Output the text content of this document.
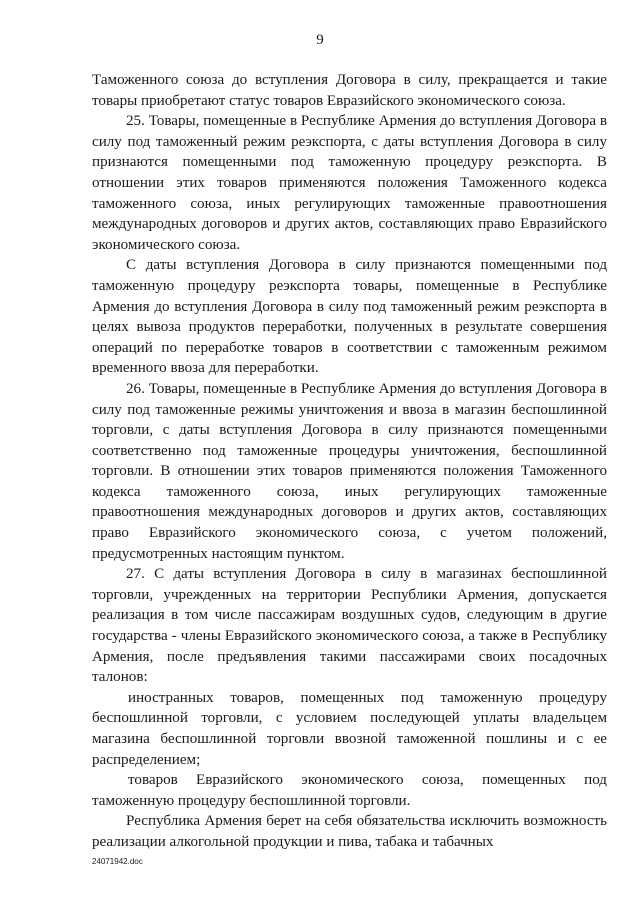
9

Таможенного союза до вступления Договора в силу, прекращается и такие товары приобретают статус товаров Евразийского экономического союза.

25. Товары, помещенные в Республике Армения до вступления Договора в силу под таможенный режим реэкспорта, с даты вступления Договора в силу признаются помещенными под таможенную процедуру реэкспорта. В отношении этих товаров применяются положения Таможенного кодекса таможенного союза, иных регулирующих таможенные правоотношения международных договоров и других актов, составляющих право Евразийского экономического союза.

С даты вступления Договора в силу признаются помещенными под таможенную процедуру реэкспорта товары, помещенные в Республике Армения до вступления Договора в силу под таможенный режим реэкспорта в целях вывоза продуктов переработки, полученных в результате совершения операций по переработке товаров в соответствии с таможенным режимом временного ввоза для переработки.

26. Товары, помещенные в Республике Армения до вступления Договора в силу под таможенные режимы уничтожения и ввоза в магазин беспошлинной торговли, с даты вступления Договора в силу признаются помещенными соответственно под таможенные процедуры уничтожения, беспошлинной торговли. В отношении этих товаров применяются положения Таможенного кодекса таможенного союза, иных регулирующих таможенные правоотношения международных договоров и других актов, составляющих право Евразийского экономического союза, с учетом положений, предусмотренных настоящим пунктом.

27. С даты вступления Договора в силу в магазинах беспошлинной торговли, учрежденных на территории Республики Армения, допускается реализация в том числе пассажирам воздушных судов, следующим в другие государства - члены Евразийского экономического союза, а также в Республику Армения, после предъявления такими пассажирами своих посадочных талонов:

иностранных товаров, помещенных под таможенную процедуру беспошлинной торговли, с условием последующей уплаты владельцем магазина беспошлинной торговли ввозной таможенной пошлины и с ее распределением;

товаров Евразийского экономического союза, помещенных под таможенную процедуру беспошлинной торговли.

Республика Армения берет на себя обязательства исключить возможность реализации алкогольной продукции и пива, табака и табачных

24071942.doc
